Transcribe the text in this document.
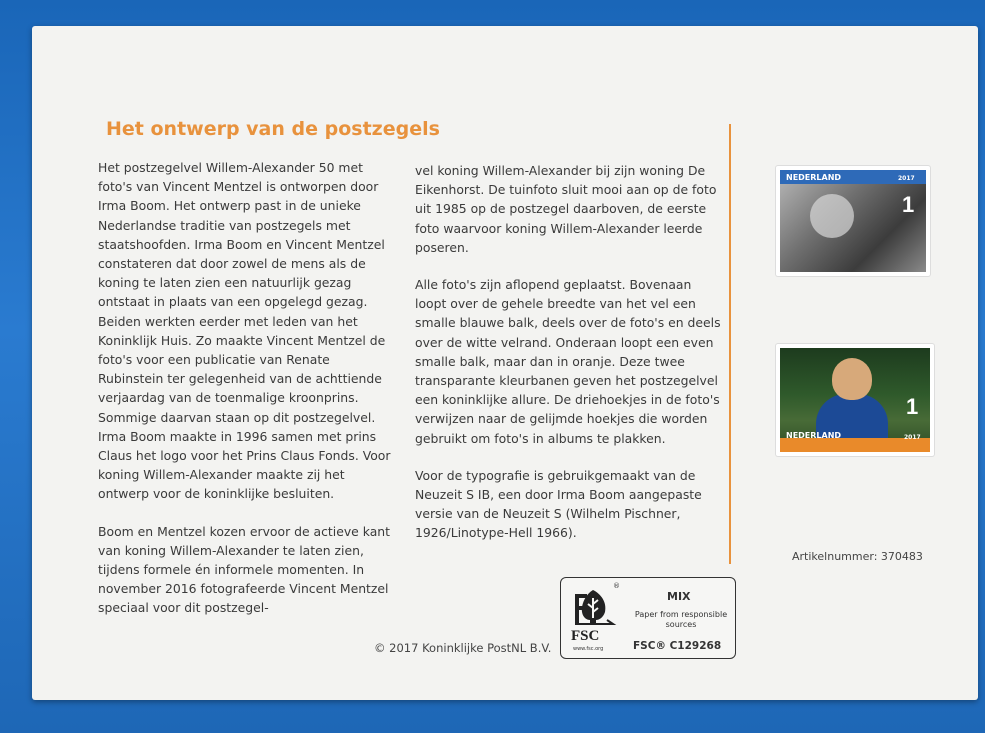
Het ontwerp van de postzegels

Het postzegelvel Willem-Alexander 50 met foto's van Vincent Mentzel is ontworpen door Irma Boom. Het ontwerp past in de unieke Nederlandse traditie van postzegels met staatshoofden. Irma Boom en Vincent Mentzel constateren dat door zowel de mens als de koning te laten zien een natuurlijk gezag ontstaat in plaats van een opgelegd gezag. Beiden werkten eerder met leden van het Koninklijk Huis. Zo maakte Vincent Mentzel de foto's voor een publicatie van Renate Rubinstein ter gelegenheid van de achttiende verjaardag van de toenmalige kroonprins. Sommige daarvan staan op dit postzegelvel. Irma Boom maakte in 1996 samen met prins Claus het logo voor het Prins Claus Fonds. Voor koning Willem-Alexander maakte zij het ontwerp voor de koninklijke besluiten.

Boom en Mentzel kozen ervoor de actieve kant van koning Willem-Alexander te laten zien, tijdens formele én informele momenten. In november 2016 fotografeerde Vincent Mentzel speciaal voor dit postzegel-

vel koning Willem-Alexander bij zijn woning De Eikenhorst. De tuinfoto sluit mooi aan op de foto uit 1985 op de postzegel daarboven, de eerste foto waarvoor koning Willem-Alexander leerde poseren.

Alle foto's zijn aflopend geplaatst. Bovenaan loopt over de gehele breedte van het vel een smalle blauwe balk, deels over de foto's en deels over de witte velrand. Onderaan loopt een even smalle balk, maar dan in oranje. Deze twee transparante kleurbanen geven het postzegelvel een koninklijke allure. De driehoekjes in de foto's verwijzen naar de gelijmde hoekjes die worden gebruikt om foto's in albums te plakken.

Voor de typografie is gebruikgemaakt van de Neuzeit S IB, een door Irma Boom aangepaste versie van de Neuzeit S (Wilhelm Pischner, 1926/Linotype-Hell 1966).

NEDERLAND	2017
1
1
NEDERLAND	2017
Artikelnummer: 370483
®
FSC
www.fsc.org
MIX
Paper from responsible sources
FSC® C129268
© 2017 Koninklijke PostNL B.V.
